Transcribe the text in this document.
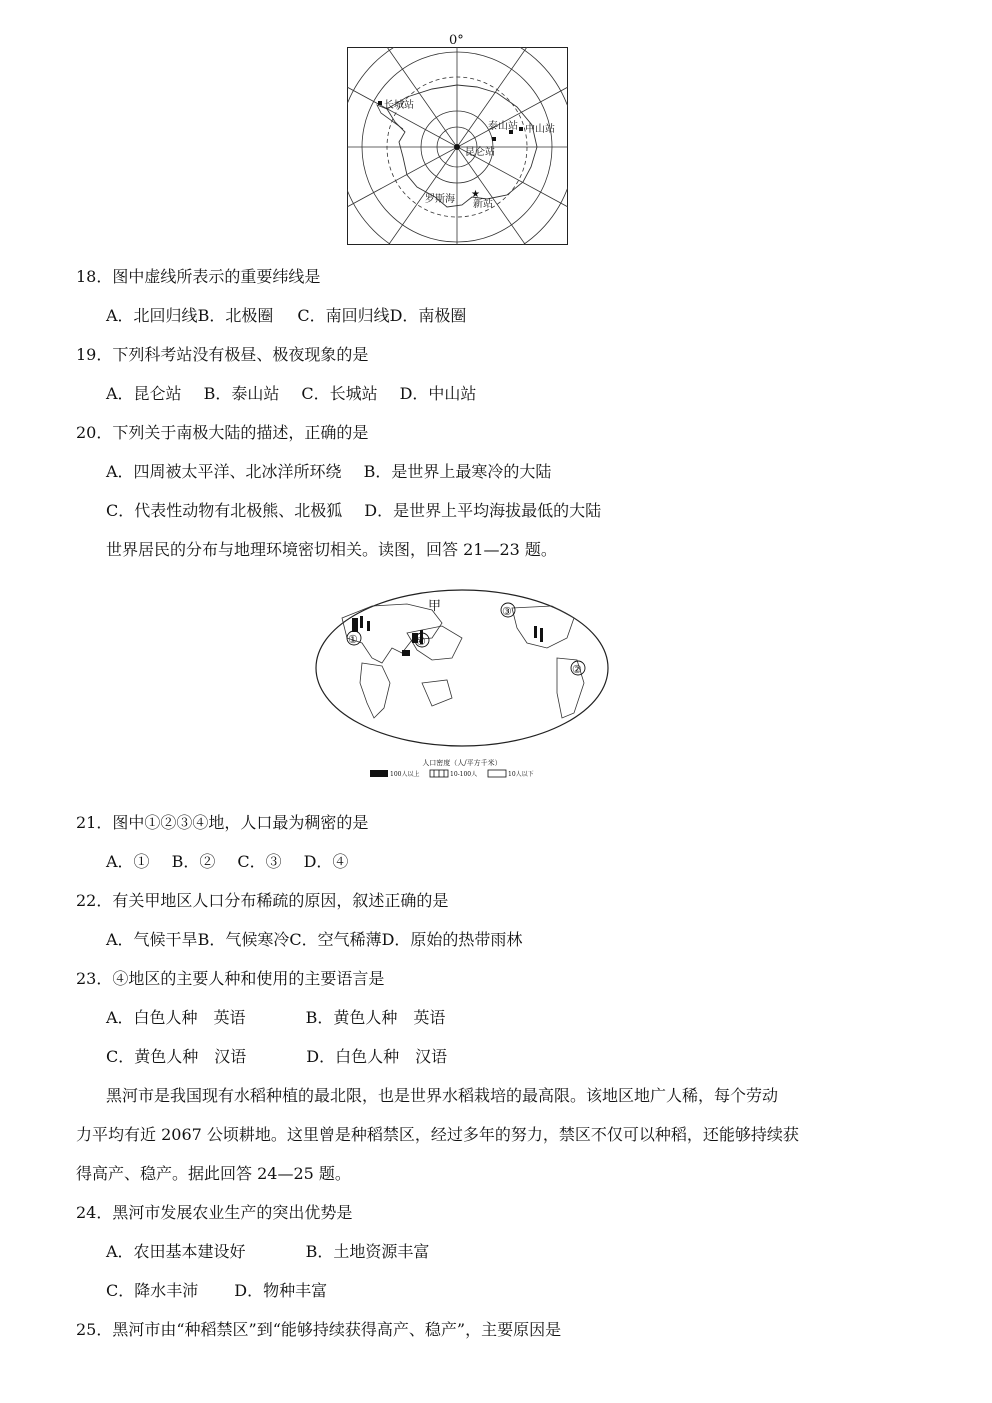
0°
★
长城站
泰山站 中山站
昆仑站
罗斯海 新站
18．图中虚线所表示的重要纬线是
A．北回归线B．北极圈 C．南回归线D．南极圈
19．下列科考站没有极昼、极夜现象的是
A．昆仑站 B．泰山站 C．长城站 D．中山站
20．下列关于南极大陆的描述，正确的是
A．四周被太平洋、北冰洋所环绕 B．是世界上最寒冷的大陆
C．代表性动物有北极熊、北极狐 D．是世界上平均海拔最低的大陆
世界居民的分布与地理环境密切相关。读图，回答 21—23 题。
甲
①	④
③
②
人口密度（人/平方千米）
100人以上	10-100人	10人以下
21．图中①②③④地，人口最为稠密的是
A．① B．② C．③ D．④
22．有关甲地区人口分布稀疏的原因，叙述正确的是
A．气候干旱B．气候寒冷C．空气稀薄D．原始的热带雨林
23．④地区的主要人种和使用的主要语言是
A．白色人种　英语	B．黄色人种　英语
C．黄色人种　汉语	D．白色人种　汉语
黑河市是我国现有水稻种植的最北限，也是世界水稻栽培的最高限。该地区地广人稀，每个劳动
力平均有近 2067 公顷耕地。这里曾是种稻禁区，经过多年的努力，禁区不仅可以种稻，还能够持续获
得高产、稳产。据此回答 24—25 题。
24．黑河市发展农业生产的突出优势是
A．农田基本建设好	B．土地资源丰富
C．降水丰沛 D．物种丰富
25．黑河市由“种稻禁区”到“能够持续获得高产、稳产”，主要原因是
